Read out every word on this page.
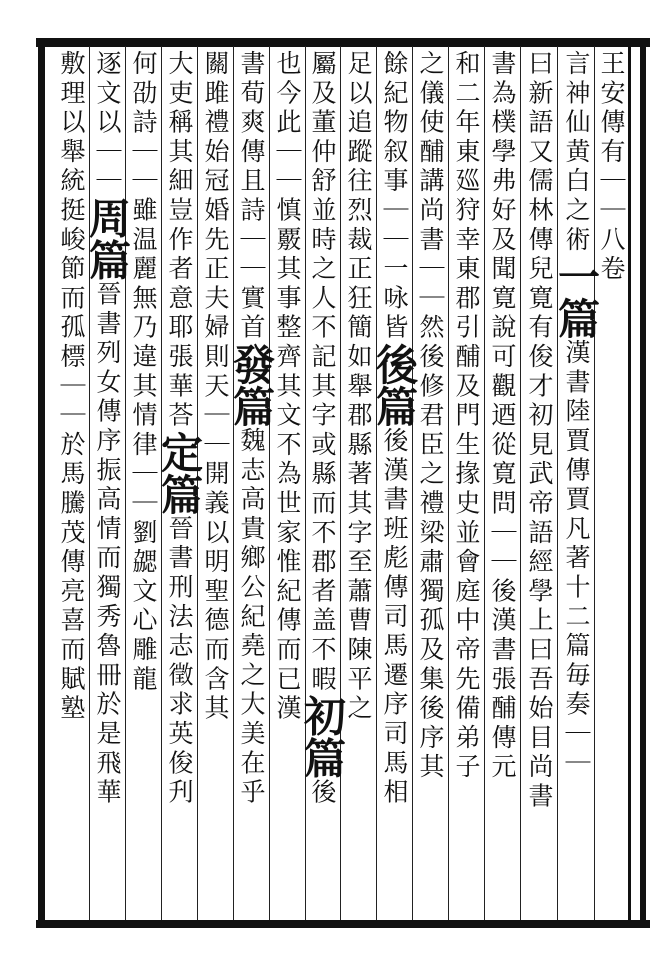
王安傳有｜｜八卷
言神仙黄白之術一篇漢書陸賈傳賈凡著十二篇毎奏｜｜
曰新語又儒林傳兒寛有俊才初見武帝語經學上曰吾始目尚書
書為樸學弗好及聞寛說可觀迺從寛問｜｜後漢書張酺傳元
和二年東廵狩幸東郡引酺及門生掾史並會庭中帝先備弟子
之儀使酺講尚書｜｜然後修君臣之禮梁肅獨孤及集後序其
餘紀物叙事｜｜一咏皆後篇後漢書班彪傳司馬遷序司馬相
足以追蹤往烈裁正狂簡如舉郡縣著其字至蕭曹陳平之
屬及董仲舒並時之人不記其字或縣而不郡者盖不暇初篇後
也今此｜｜慎覈其事整齊其文不為世家惟紀傳而已漢
書荀爽傳且詩｜｜實首發篇魏志高貴鄉公紀堯之大美在乎
關雎禮始冠婚先正夫婦則天｜｜開義以明聖德而含其
大吏稱其細豈作者意耶張華荅定篇晉書刑法志徵求英俊刋
何劭詩｜｜雖温麗無乃違其情律｜｜劉勰文心雕龍
逐文以｜｜周篇晉書列女傳序振高情而獨秀魯冊於是飛華
敷理以舉統挺峻節而孤標｜｜於馬騰茂傳亮喜而賦塾
